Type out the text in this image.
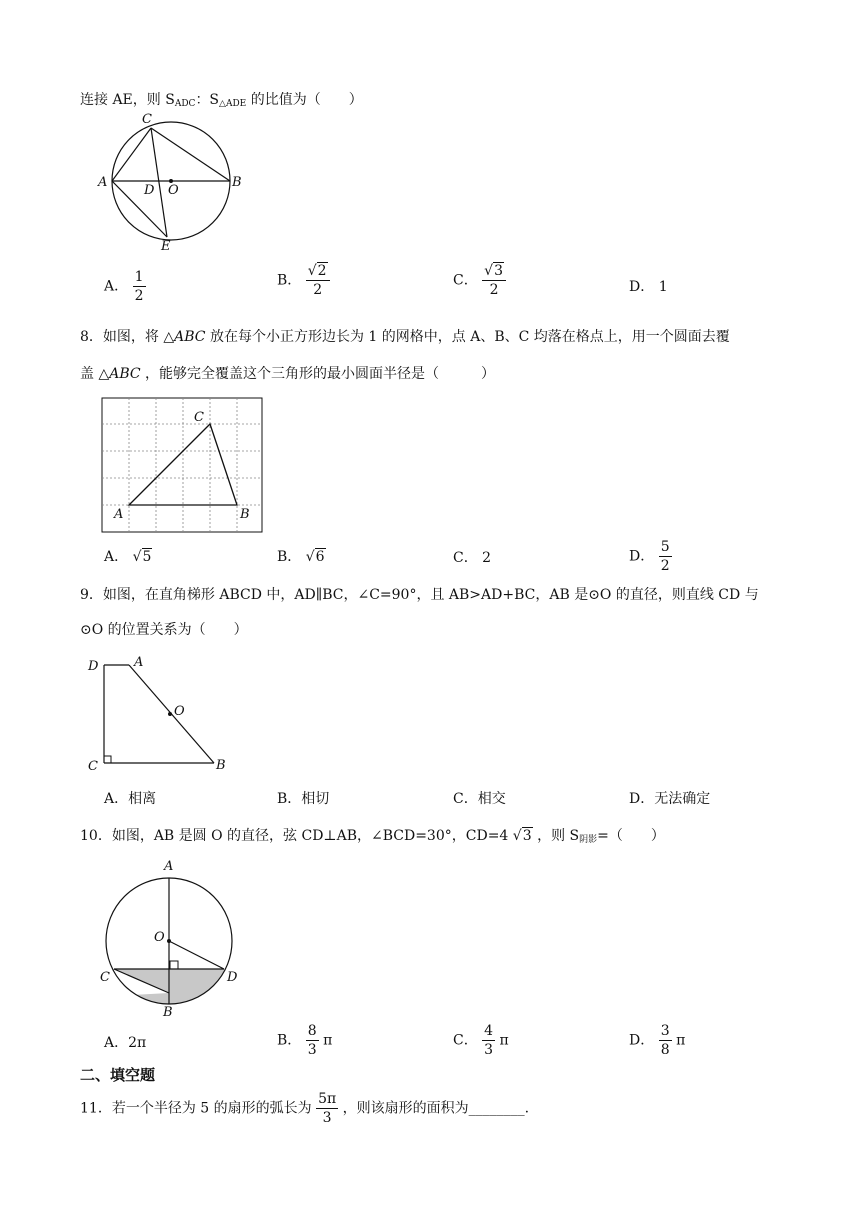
连接 AE，则 $S_{ADC}$：$S_{\triangle ADE}$ 的比值为（　　）
C
A	B
D O
E
A． $\frac{1}{2}$	B． $\frac{√2}{2}$	C． $\frac{√3}{2}$	D． 1
8．如图，将 △ABC 放在每个小正方形边长为 1 的网格中，点 A、B、C 均落在格点上，用一个圆面去覆
盖 △ABC ，能够完全覆盖这个三角形的最小圆面半径是（　　　）
C
A	B
A． √5	B． √6	C． 2	D． $\frac{5}{2}$
9．如图，在直角梯形 ABCD 中，AD∥BC，∠C=90°，且 AB>AD+BC，AB 是⊙O 的直径，则直线 CD 与
⊙O 的位置关系为（　　）
D	A
O
C	B
A．相离	B．相切	C．相交	D．无法确定
10．如图，AB 是圆 O 的直径，弦 CD⊥AB，∠BCD=30°，CD=4 √3 ，则 $S_{阴影}=$（　　）
A
O
C	D
B
A．2π	B． $\frac{8}{3}$ π	C． $\frac{4}{3}$ π	D． $\frac{3}{8}$ π
二、填空题
11．若一个半径为 5 的扇形的弧长为 $\frac{5\pi}{3}$ ，则该扇形的面积为________.
